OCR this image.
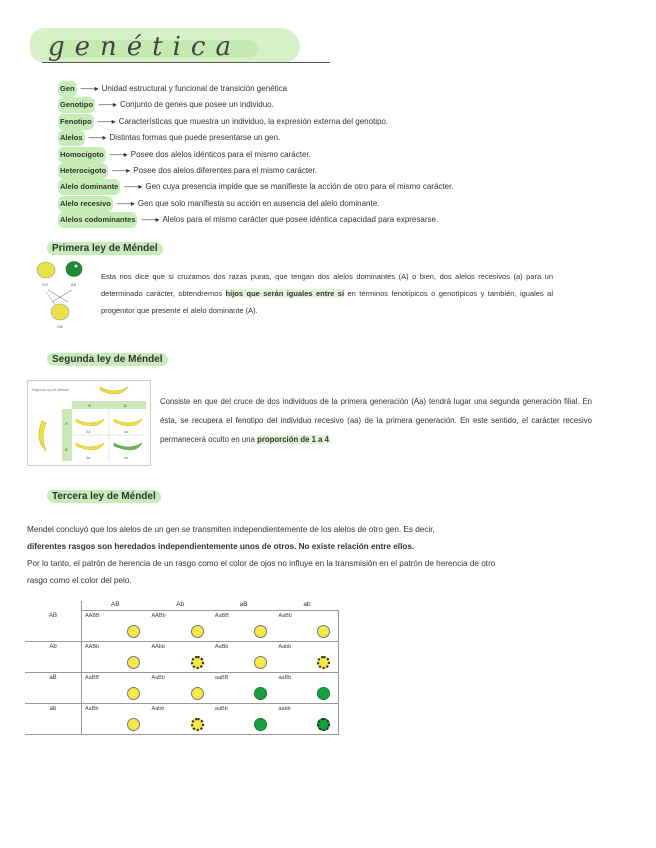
genética
Gen ——▸ Unidad estructural y funcional de transición genética
Genotipo ——▸ Conjunto de genes que posee un individuo.
Fenotipo ——▸ Características que muestra un individuo, la expresión externa del genotipo.
Alelos ——▸ Distintas formas que puede presentarse un gen.
Homocigoto ——▸ Posee dos alelos idénticos para el mismo carácter.
Heterocigoto ——▸ Posee dos alelos diferentes para el mismo carácter.
Alelo dominante ——▸ Gen cuya presencia impide que se manifieste la acción de otro para el mismo carácter.
Alelo recesivo ——▸ Gen que solo manifiesta su acción en ausencia del alelo dominante.
Alelos codominantes ——▸ Alelos para el mismo carácter que posee idéntica capacidad para expresarse.
Primera ley de Méndel
AA	aa
Aa
Esta nos dice que si cruzamos dos razas puras, que tengan dos alelos dominantes (A) o bien, dos alelos recesivos (a) para un determinado carácter, obtendremos hijos que serán iguales entre sí en términos fenotípicos o genotípicos y también, iguales al progenitor que presente el alelo dominante (A).
Segunda ley de Méndel
Segunda ley de Mendel
A	a
A
a
AA	Aa
Aa	aa
Consiste en que del cruce de dos individuos de la primera generación (Aa) tendrá lugar una segunda generación filial. En ésta, se recupera el fenotipo del individuo recesivo (aa) de la primera generación. En este sentido, el carácter recesivo permanecerá oculto en una proporción de 1 a 4.
Tercera ley de Méndel
Mendel concluyó que los alelos de un gen se transmiten independientemente de los alelos de otro gen. Es decir,
diferentes rasgos son heredados independientemente unos de otros. No existe relación entre ellos.
Por lo tanto, el patrón de herencia de un rasgo como el color de ojos no influye en la transmisión en el patrón de herencia de otro rasgo como el color del pelo.
	AB	Ab	aB	ab
AB	AABB	AABb	AaBB	AaBb

Ab	AABb	AAbb	AaBb	Aabb

aB	AaBB	AaBb	aaBB	aaBb

ab	AaBb	Aabb	aaBb	aabb
